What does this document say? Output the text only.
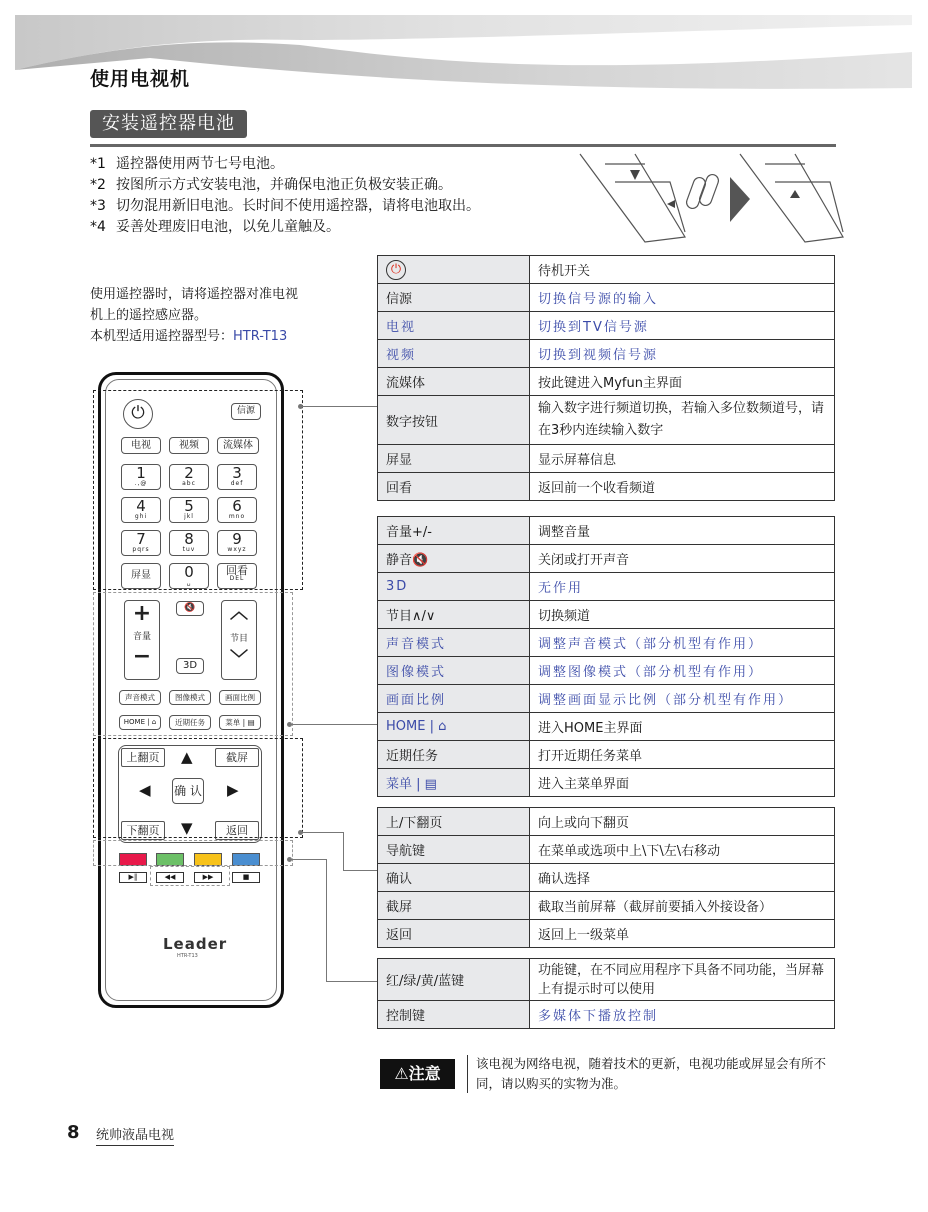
使用电视机
安装遥控器电池
*1 遥控器使用两节七号电池。
*2 按图所示方式安装电池，并确保电池正负极安装正确。
*3 切勿混用新旧电池。长时间不使用遥控器，请将电池取出。
*4 妥善处理废旧电池，以免儿童触及。
使用遥控器时，请将遥控器对准电视
机上的遥控感应器。
本机型适用遥控器型号：HTR-T13
⏻	信源
电视	视频	流媒体
1
.,@
2
abc
3
def
4
ghi
5
jkl
6
mno
7
pqrs
8
tuv
9
wxyz
屏显	0
␣
回看
DEL
+
音量
−
🔇
3D
︿
节目
﹀
声音模式	图像模式	画面比例
HOME | ⌂	近期任务	菜单 | ▤
上翻页	▲	截屏
◀ 确 认 ▶
下翻页	▼	返回
▶‖	◀◀	▶▶	■
Leader
HTR-T13
⏻	待机开关
信源	切换信号源的输入
电视	切换到TV信号源
视频	切换到视频信号源
流媒体	按此键进入Myfun主界面
数字按钮	输入数字进行频道切换，若输入多位数频道号，请在3秒内连续输入数字
屏显	显示屏幕信息
回看	返回前一个收看频道
音量+/-	调整音量
静音🔇	关闭或打开声音
3D	无作用
节目∧/∨	切换频道
声音模式	调整声音模式（部分机型有作用）
图像模式	调整图像模式（部分机型有作用）
画面比例	调整画面显示比例（部分机型有作用）
HOME | ⌂	进入HOME主界面
近期任务	打开近期任务菜单
菜单 | ▤	进入主菜单界面
上/下翻页	向上或向下翻页
导航键	在菜单或选项中上\下\左\右移动
确认	确认选择
截屏	截取当前屏幕（截屏前要插入外接设备）
返回	返回上一级菜单
红/绿/黄/蓝键	功能键，在不同应用程序下具备不同功能，当屏幕上有提示时可以使用
控制键	多媒体下播放控制
⚠注意
该电视为网络电视，随着技术的更新，电视功能或屏显会有所不同，请以购买的实物为准。
8 统帅液晶电视
